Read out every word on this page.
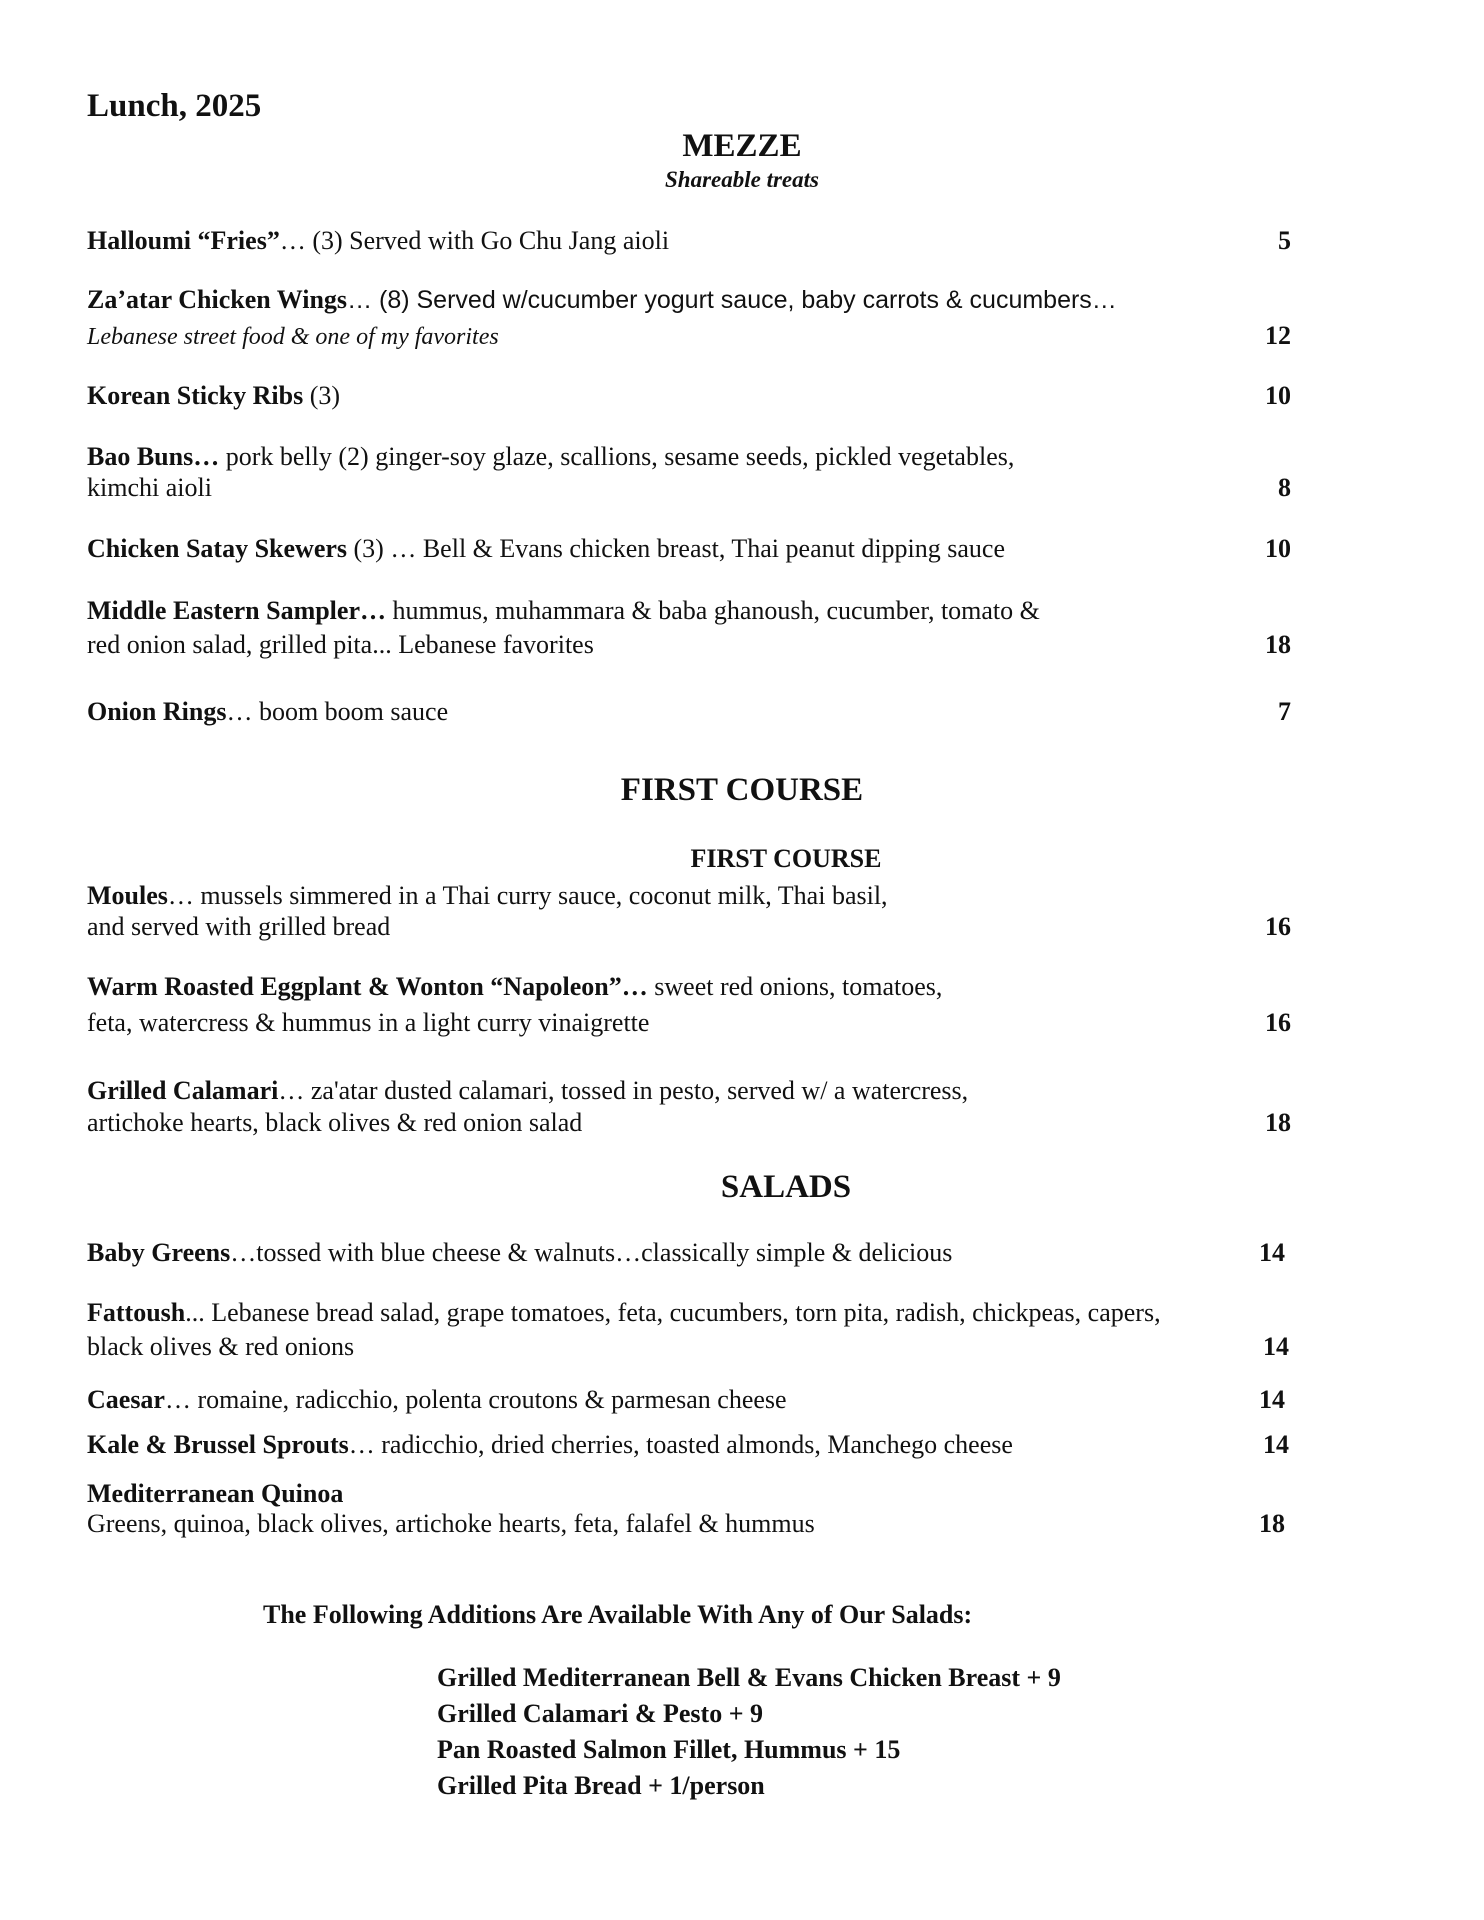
Lunch, 2025
MEZZE
Shareable treats
Halloumi “Fries”… (3) Served with Go Chu Jang aioli	5
Za’atar Chicken Wings… (8) Served w/cucumber yogurt sauce, baby carrots & cucumbers…
Lebanese street food & one of my favorites	12
Korean Sticky Ribs (3)	10
Bao Buns… pork belly (2) ginger-soy glaze, scallions, sesame seeds, pickled vegetables,
kimchi aioli	8
Chicken Satay Skewers (3) … Bell & Evans chicken breast, Thai peanut dipping sauce	10
Middle Eastern Sampler… hummus, muhammara & baba ghanoush, cucumber, tomato &
red onion salad, grilled pita... Lebanese favorites	18
Onion Rings… boom boom sauce	7
FIRST COURSE
FIRST COURSE
Moules… mussels simmered in a Thai curry sauce, coconut milk, Thai basil,
and served with grilled bread	16
Warm Roasted Eggplant & Wonton “Napoleon”… sweet red onions, tomatoes,
feta, watercress & hummus in a light curry vinaigrette	16
Grilled Calamari… za'atar dusted calamari, tossed in pesto, served w/ a watercress,
artichoke hearts, black olives & red onion salad	18
SALADS
Baby Greens…tossed with blue cheese & walnuts…classically simple & delicious	14
Fattoush... Lebanese bread salad, grape tomatoes, feta, cucumbers, torn pita, radish, chickpeas, capers,
black olives & red onions	14
Caesar… romaine, radicchio, polenta croutons & parmesan cheese	14
Kale & Brussel Sprouts… radicchio, dried cherries, toasted almonds, Manchego cheese	14
Mediterranean Quinoa
Greens, quinoa, black olives, artichoke hearts, feta, falafel & hummus	18
The Following Additions Are Available With Any of Our Salads:
Grilled Mediterranean Bell & Evans Chicken Breast + 9
Grilled Calamari & Pesto + 9
Pan Roasted Salmon Fillet, Hummus + 15
Grilled Pita Bread + 1/person
